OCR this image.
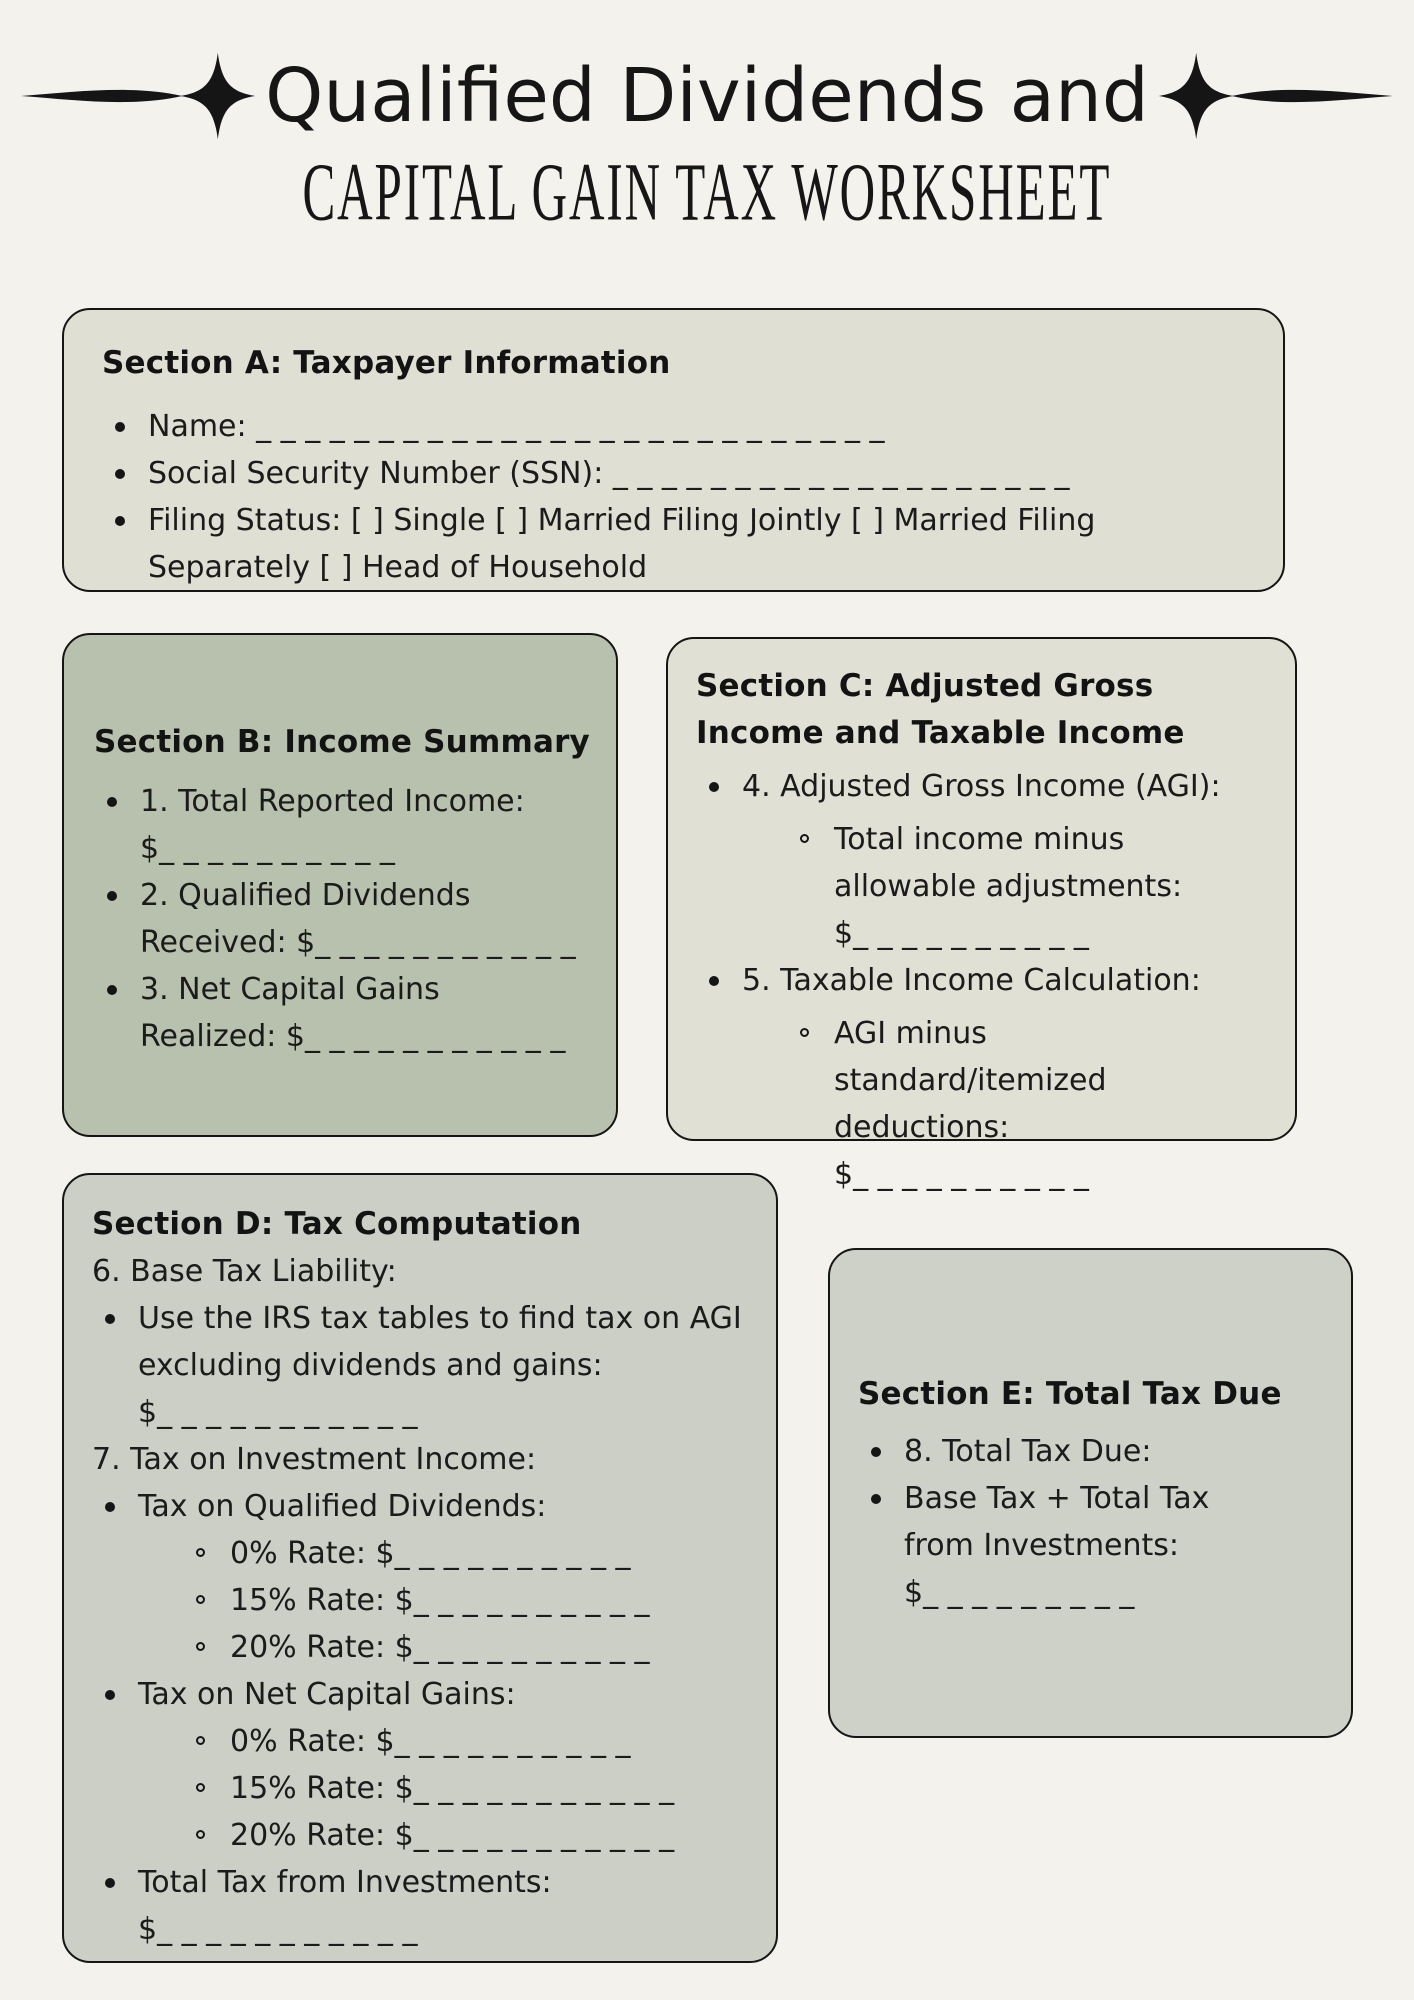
Qualified Dividends and
CAPITAL GAIN TAX WORKSHEET
Section A: Taxpayer Information
Name: _ _ _ _ _ _ _ _ _ _ _ _ _ _ _ _ _ _ _ _ _ _ _ _ _ _
Social Security Number (SSN): _ _ _ _ _ _ _ _ _ _ _ _ _ _ _ _ _ _ _
Filing Status: [ ] Single [ ] Married Filing Jointly [ ] Married Filing Separately [ ] Head of Household
Section B: Income Summary
1. Total Reported Income:
$_ _ _ _ _ _ _ _ _ _
2. Qualified Dividends
Received: $_ _ _ _ _ _ _ _ _ _ _
3. Net Capital Gains
Realized: $_ _ _ _ _ _ _ _ _ _ _
Section C: Adjusted Gross Income and Taxable Income
4. Adjusted Gross Income (AGI):
Total income minus
allowable adjustments:
$_ _ _ _ _ _ _ _ _ _
5. Taxable Income Calculation:
AGI minus
standard/itemized
deductions: $_ _ _ _ _ _ _ _ _ _
Section D: Tax Computation
6. Base Tax Liability:
Use the IRS tax tables to find tax on AGI excluding dividends and gains: $_ _ _ _ _ _ _ _ _ _ _
7. Tax on Investment Income:
Tax on Qualified Dividends:
0% Rate: $_ _ _ _ _ _ _ _ _ _
15% Rate: $_ _ _ _ _ _ _ _ _ _
20% Rate: $_ _ _ _ _ _ _ _ _ _
Tax on Net Capital Gains:
0% Rate: $_ _ _ _ _ _ _ _ _ _
15% Rate: $_ _ _ _ _ _ _ _ _ _ _
20% Rate: $_ _ _ _ _ _ _ _ _ _ _
Total Tax from Investments: $_ _ _ _ _ _ _ _ _ _ _
Section E: Total Tax Due
8. Total Tax Due:
Base Tax + Total Tax from Investments: $_ _ _ _ _ _ _ _ _
